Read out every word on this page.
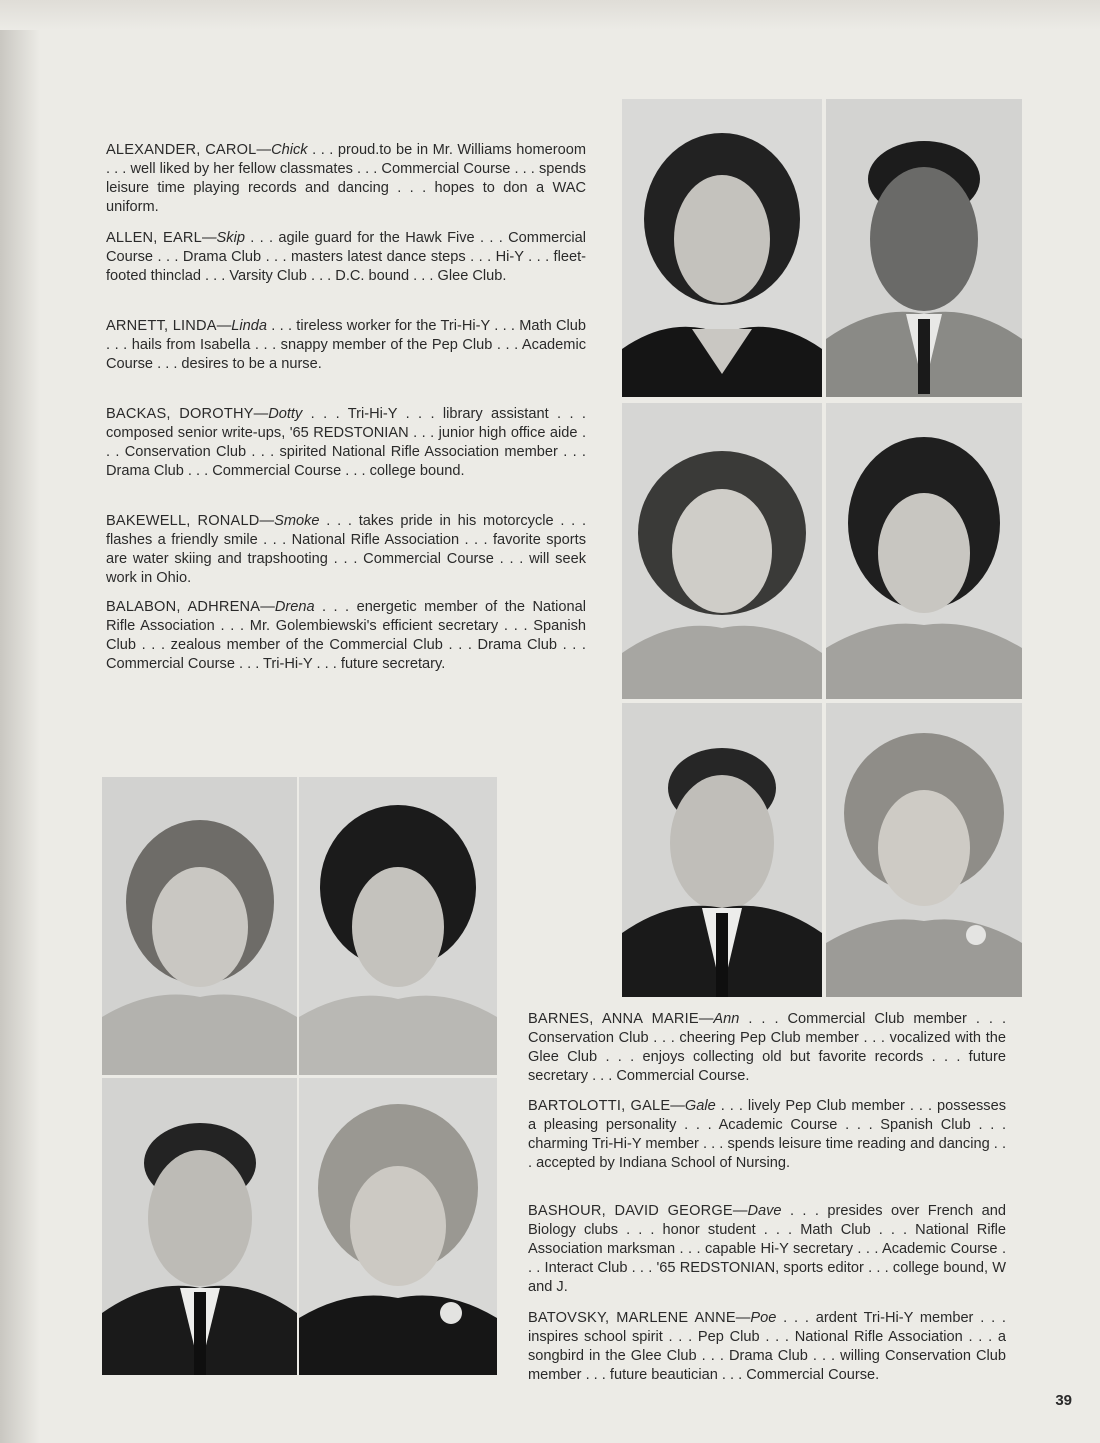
ALEXANDER, CAROL—Chick . . . proud.to be in Mr. Williams homeroom . . . well liked by her fellow classmates . . . Commercial Course . . . spends leisure time playing records and dancing . . . hopes to don a WAC uniform.

ALLEN, EARL—Skip . . . agile guard for the Hawk Five . . . Commercial Course . . . Drama Club . . . masters latest dance steps . . . Hi-Y . . . fleet-footed thinclad . . . Varsity Club . . . D.C. bound . . . Glee Club.

ARNETT, LINDA—Linda . . . tireless worker for the Tri-Hi-Y . . . Math Club . . . hails from Isabella . . . snappy member of the Pep Club . . . Academic Course . . . desires to be a nurse.

BACKAS, DOROTHY—Dotty . . . Tri-Hi-Y . . . library assistant . . . composed senior write-ups, '65 REDSTONIAN . . . junior high office aide . . . Conservation Club . . . spirited National Rifle Association member . . . Drama Club . . . Commercial Course . . . college bound.

BAKEWELL, RONALD—Smoke . . . takes pride in his motorcycle . . . flashes a friendly smile . . . National Rifle Association . . . favorite sports are water skiing and trapshooting . . . Commercial Course . . . will seek work in Ohio.

BALABON, ADHRENA—Drena . . . energetic member of the National Rifle Association . . . Mr. Golembiewski's efficient secretary . . . Spanish Club . . . zealous member of the Commercial Club . . . Drama Club . . . Commercial Course . . . Tri-Hi-Y . . . future secretary.

BARNES, ANNA MARIE—Ann . . . Commercial Club member . . . Conservation Club . . . cheering Pep Club member . . . vocalized with the Glee Club . . . enjoys collecting old but favorite records . . . future secretary . . . Commercial Course.

BARTOLOTTI, GALE—Gale . . . lively Pep Club member . . . possesses a pleasing personality . . . Academic Course . . . Spanish Club . . . charming Tri-Hi-Y member . . . spends leisure time reading and dancing . . . accepted by Indiana School of Nursing.

BASHOUR, DAVID GEORGE—Dave . . . presides over French and Biology clubs . . . honor student . . . Math Club . . . National Rifle Association marksman . . . capable Hi-Y secretary . . . Academic Course . . . Interact Club . . . '65 REDSTONIAN, sports editor . . . college bound, W and J.

BATOVSKY, MARLENE ANNE—Poe . . . ardent Tri-Hi-Y member . . . inspires school spirit . . . Pep Club . . . National Rifle Association . . . a songbird in the Glee Club . . . Drama Club . . . willing Conservation Club member . . . future beautician . . . Commercial Course.

39
